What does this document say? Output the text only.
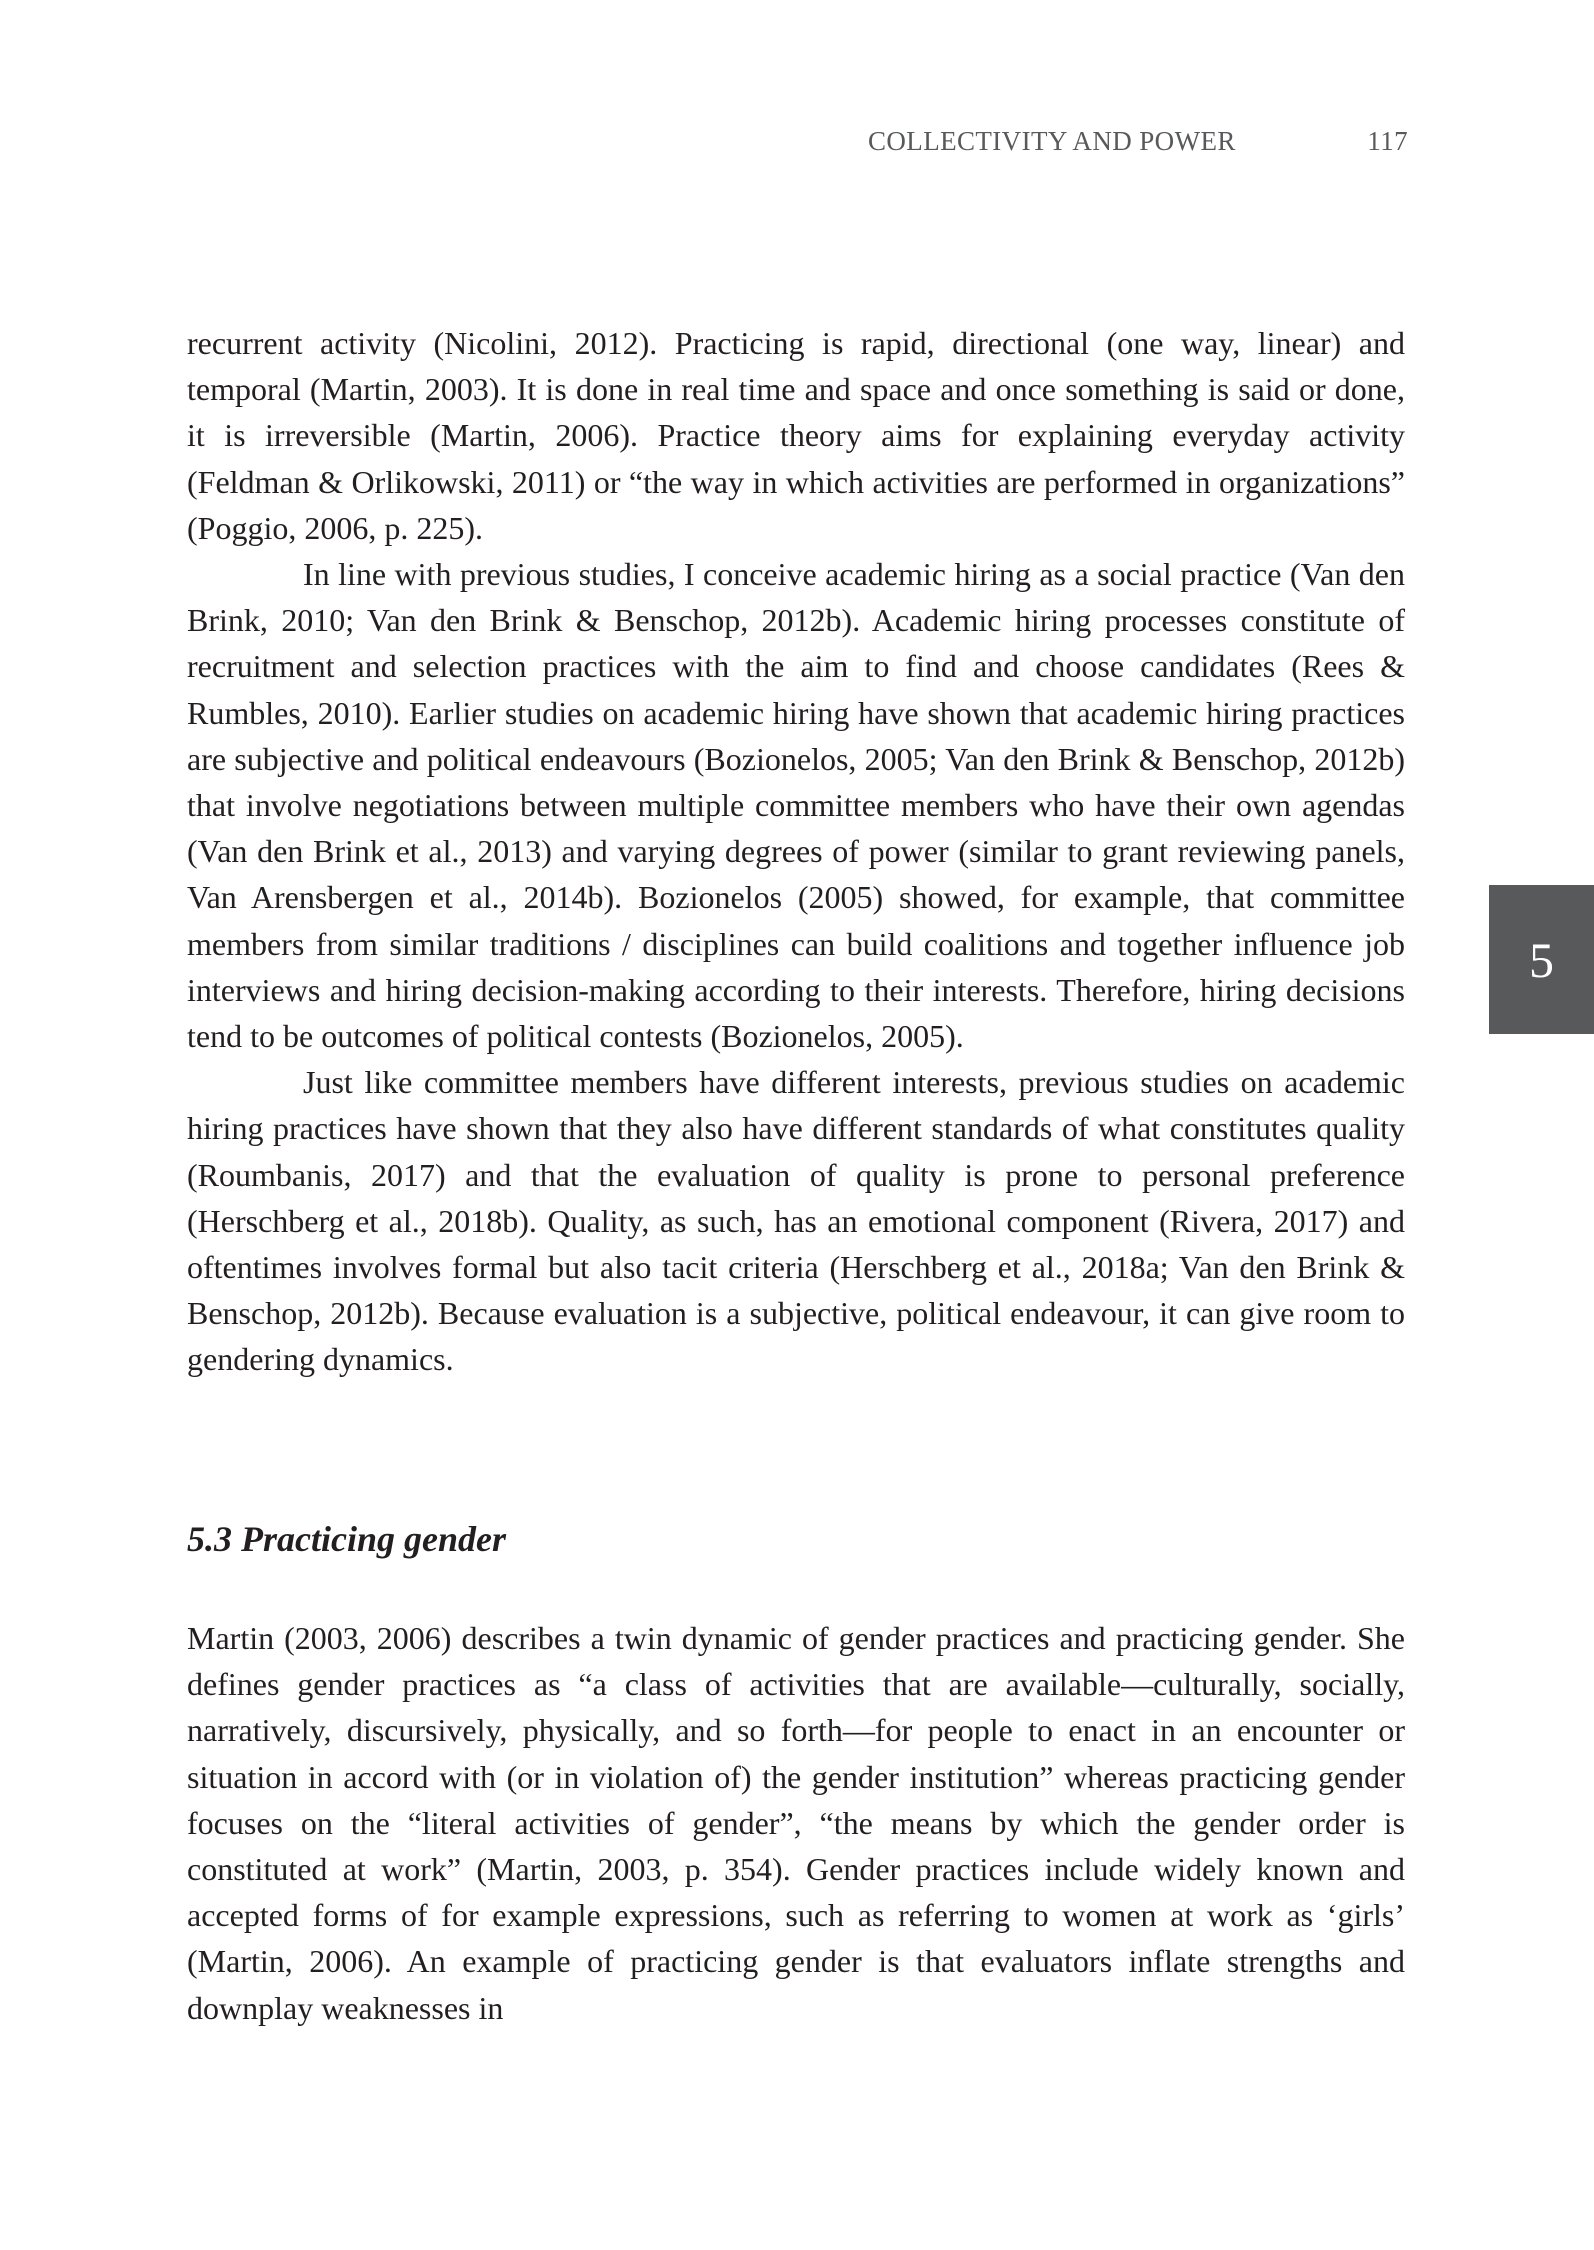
COLLECTIVITY AND POWER	117

recurrent activity (Nicolini, 2012). Practicing is rapid, directional (one way, linear) and temporal (Martin, 2003). It is done in real time and space and once something is said or done, it is irreversible (Martin, 2006). Practice theory aims for explaining everyday activity (Feldman & Orlikowski, 2011) or “the way in which activities are performed in organizations” (Poggio, 2006, p. 225).

In line with previous studies, I conceive academic hiring as a social practice (Van den Brink, 2010; Van den Brink & Benschop, 2012b). Academic hiring processes constitute of recruitment and selection practices with the aim to find and choose candidates (Rees & Rumbles, 2010). Earlier studies on academic hiring have shown that academic hiring practices are subjective and political endeavours (Bozionelos, 2005; Van den Brink & Benschop, 2012b) that involve negotiations between multiple committee members who have their own agendas (Van den Brink et al., 2013) and varying degrees of power (similar to grant reviewing panels, Van Arensbergen et al., 2014b). Bozionelos (2005) showed, for example, that committee members from similar traditions / disciplines can build coalitions and together influence job interviews and hiring decision-making according to their interests. Therefore, hiring decisions tend to be outcomes of political contests (Bozionelos, 2005).

Just like committee members have different interests, previous studies on academic hiring practices have shown that they also have different standards of what constitutes quality (Roumbanis, 2017) and that the evaluation of quality is prone to personal preference (Herschberg et al., 2018b). Quality, as such, has an emotional component (Rivera, 2017) and oftentimes involves formal but also tacit criteria (Herschberg et al., 2018a; Van den Brink & Benschop, 2012b). Because evaluation is a subjective, political endeavour, it can give room to gendering dynamics.

5.3 Practicing gender

Martin (2003, 2006) describes a twin dynamic of gender practices and practicing gender. She defines gender practices as “a class of activities that are available—culturally, socially, narratively, discursively, physically, and so forth—for people to enact in an encounter or situation in accord with (or in violation of) the gender institution” whereas practicing gender focuses on the “literal activities of gender”, “the means by which the gender order is constituted at work” (Martin, 2003, p. 354). Gender practices include widely known and accepted forms of for example expressions, such as referring to women at work as ‘girls’ (Martin, 2006). An example of practicing gender is that evaluators inflate strengths and downplay weaknesses in

5
